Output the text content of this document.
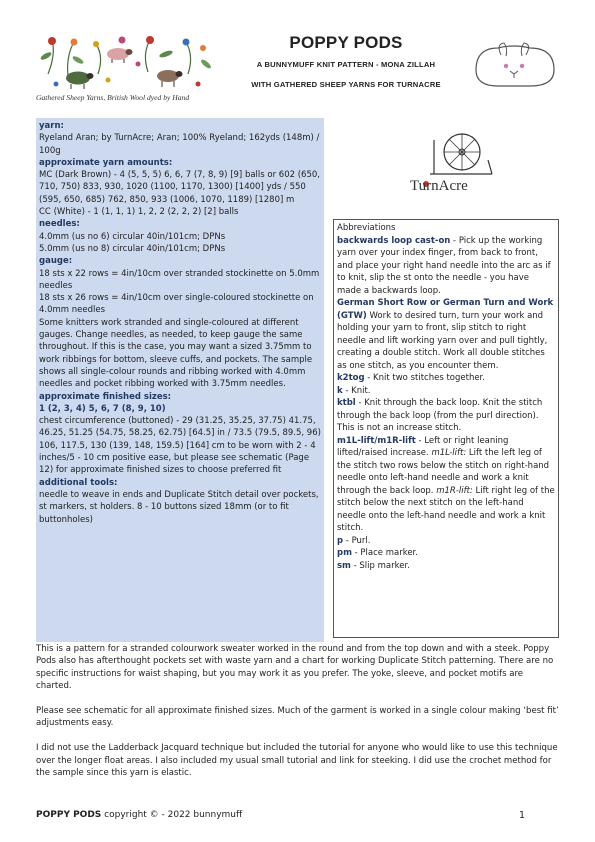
Gathered Sheep Yarns, British Wool dyed by Hand
POPPY PODS
A BUNNYMUFF KNIT PATTERN - MONA ZILLAH
WITH GATHERED SHEEP YARNS FOR TURNACRE
yarn:
Ryeland Aran; by TurnAcre; Aran; 100% Ryeland; 162yds (148m) / 100g
approximate yarn amounts:
MC (Dark Brown) - 4 (5, 5, 5) 6, 6, 7 (7, 8, 9) [9] balls or 602 (650, 710, 750) 833, 930, 1020 (1100, 1170, 1300) [1400] yds / 550 (595, 650, 685) 762, 850, 933 (1006, 1070, 1189) [1280] m
CC (White) - 1 (1, 1, 1) 1, 2, 2 (2, 2, 2) [2] balls
needles:
4.0mm (us no 6) circular 40in/101cm; DPNs
5.0mm (us no 8) circular 40in/101cm; DPNs
gauge:
18 sts x 22 rows = 4in/10cm over stranded stockinette on 5.0mm needles
18 sts x 26 rows = 4in/10cm over single-coloured stockinette on 4.0mm needles
Some knitters work stranded and single-coloured at different gauges. Change needles, as needed, to keep gauge the same throughout. If this is the case, you may want a sized 3.75mm to work ribbings for bottom, sleeve cuffs, and pockets. The sample shows all single-colour rounds and ribbing worked with 4.0mm needles and pocket ribbing worked with 3.75mm needles.
approximate finished sizes:
1 (2, 3, 4) 5, 6, 7 (8, 9, 10)
chest circumference (buttoned) - 29 (31.25, 35.25, 37.75) 41.75, 46.25, 51.25 (54.75, 58.25, 62.75) [64.5] in / 73.5 (79.5, 89.5, 96) 106, 117.5, 130 (139, 148, 159.5) [164] cm to be worn with 2 - 4 inches/5 - 10 cm positive ease, but please see schematic (Page 12) for approximate finished sizes to choose preferred fit
additional tools:
needle to weave in ends and Duplicate Stitch detail over pockets, st markers, st holders. 8 - 10 buttons sized 18mm (or to fit buttonholes)
TurnAcre

Abbreviations

backwards loop cast-on - Pick up the working yarn over your index finger, from back to front, and place your right hand needle into the arc as if to knit, slip the st onto the needle - you have made a backwards loop.

German Short Row or German Turn and Work (GTW) Work to desired turn, turn your work and holding your yarn to front, slip stitch to right needle and lift working yarn over and pull tightly, creating a double stitch. Work all double stitches as one stitch, as you encounter them.

k2tog - Knit two stitches together.

k - Knit.

ktbl - Knit through the back loop. Knit the stitch through the back loop (from the purl direction). This is not an increase stitch.

m1L-lift/m1R-lift - Left or right leaning lifted/raised increase. m1L-lift: Lift the left leg of the stitch two rows below the stitch on right-hand needle onto left-hand needle and work a knit through the back loop. m1R-lift: Lift right leg of the stitch below the next stitch on the left-hand needle onto the left-hand needle and work a knit stitch.

p - Purl.

pm - Place marker.

sm - Slip marker.

This is a pattern for a stranded colourwork sweater worked in the round and from the top down and with a steek. Poppy Pods also has afterthought pockets set with waste yarn and a chart for working Duplicate Stitch patterning. There are no specific instructions for waist shaping, but you may work it as you prefer. The yoke, sleeve, and pocket motifs are charted.

Please see schematic for all approximate finished sizes. Much of the garment is worked in a single colour making ‘best fit’ adjustments easy.

I did not use the Ladderback Jacquard technique but included the tutorial for anyone who would like to use this technique over the longer float areas. I also included my usual small tutorial and link for steeking. I did use the crochet method for the sample since this yarn is elastic.

POPPY PODS copyright © - 2022 bunnymuff	1
